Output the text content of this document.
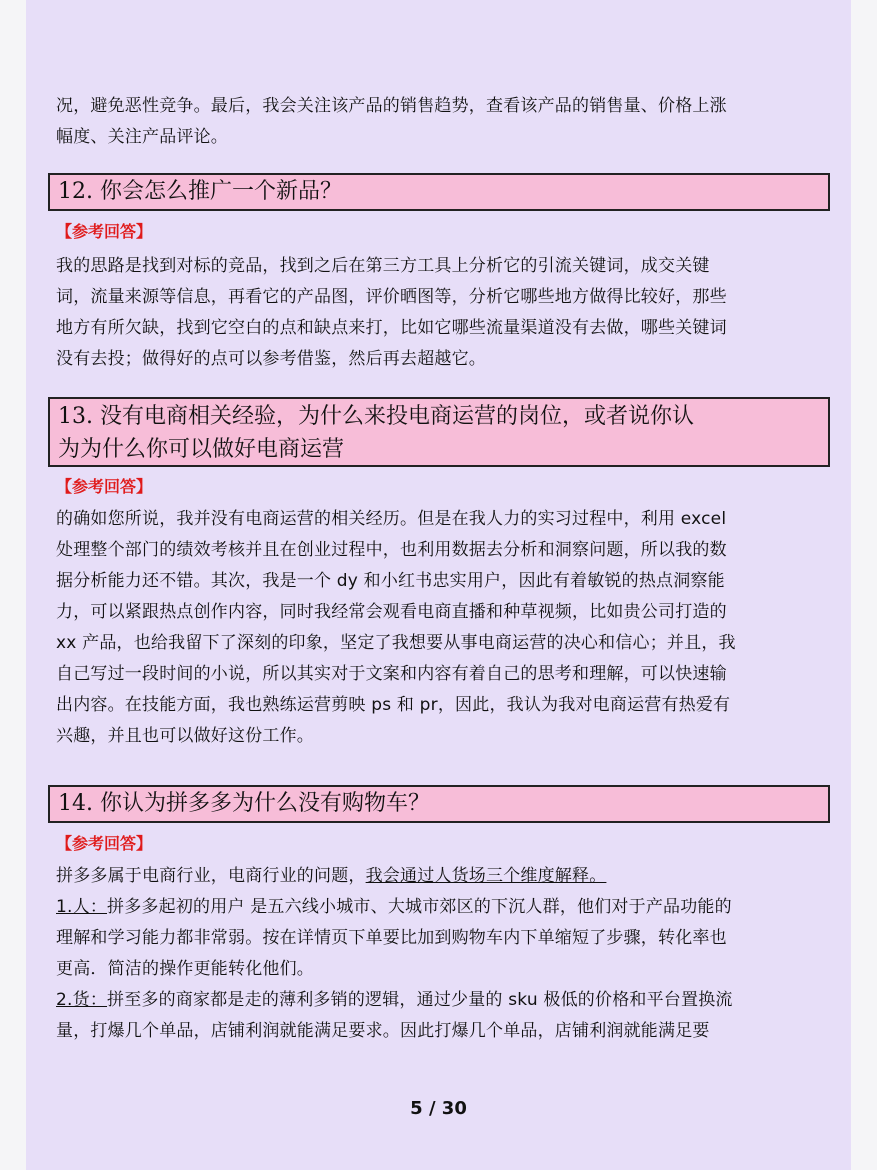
况，避免恶性竞争。最后，我会关注该产品的销售趋势，查看该产品的销售量、价格上涨
幅度、关注产品评论。
12. 你会怎么推广一个新品？
【参考回答】
我的思路是找到对标的竞品，找到之后在第三方工具上分析它的引流关键词，成交关键
词，流量来源等信息，再看它的产品图，评价晒图等，分析它哪些地方做得比较好，那些
地方有所欠缺，找到它空白的点和缺点来打，比如它哪些流量渠道没有去做，哪些关键词
没有去投；做得好的点可以参考借鉴，然后再去超越它。
13. 没有电商相关经验，为什么来投电商运营的岗位，或者说你认
为为什么你可以做好电商运营
【参考回答】
的确如您所说，我并没有电商运营的相关经历。但是在我人力的实习过程中，利用 excel
处理整个部门的绩效考核并且在创业过程中，也利用数据去分析和洞察问题，所以我的数
据分析能力还不错。其次，我是一个 dy 和小红书忠实用户，因此有着敏锐的热点洞察能
力，可以紧跟热点创作内容，同时我经常会观看电商直播和种草视频，比如贵公司打造的
xx 产品，也给我留下了深刻的印象，坚定了我想要从事电商运营的决心和信心；并且，我
自己写过一段时间的小说，所以其实对于文案和内容有着自己的思考和理解，可以快速输
出内容。在技能方面，我也熟练运营剪映 ps 和 pr，因此，我认为我对电商运营有热爱有
兴趣，并且也可以做好这份工作。
14. 你认为拼多多为什么没有购物车？
【参考回答】
拼多多属于电商行业，电商行业的问题，我会通过人货场三个维度解释。
1.人：拼多多起初的用户 是五六线小城市、大城市郊区的下沉人群，他们对于产品功能的
理解和学习能力都非常弱。按在详情页下单要比加到购物车内下单缩短了步骤，转化率也
更高．简洁的操作更能转化他们。
2.货：拼至多的商家都是走的薄利多销的逻辑，通过少量的 sku 极低的价格和平台置换流
量，打爆几个单品，店铺利润就能满足要求。因此打爆几个单品，店铺利润就能满足要
5 / 30
